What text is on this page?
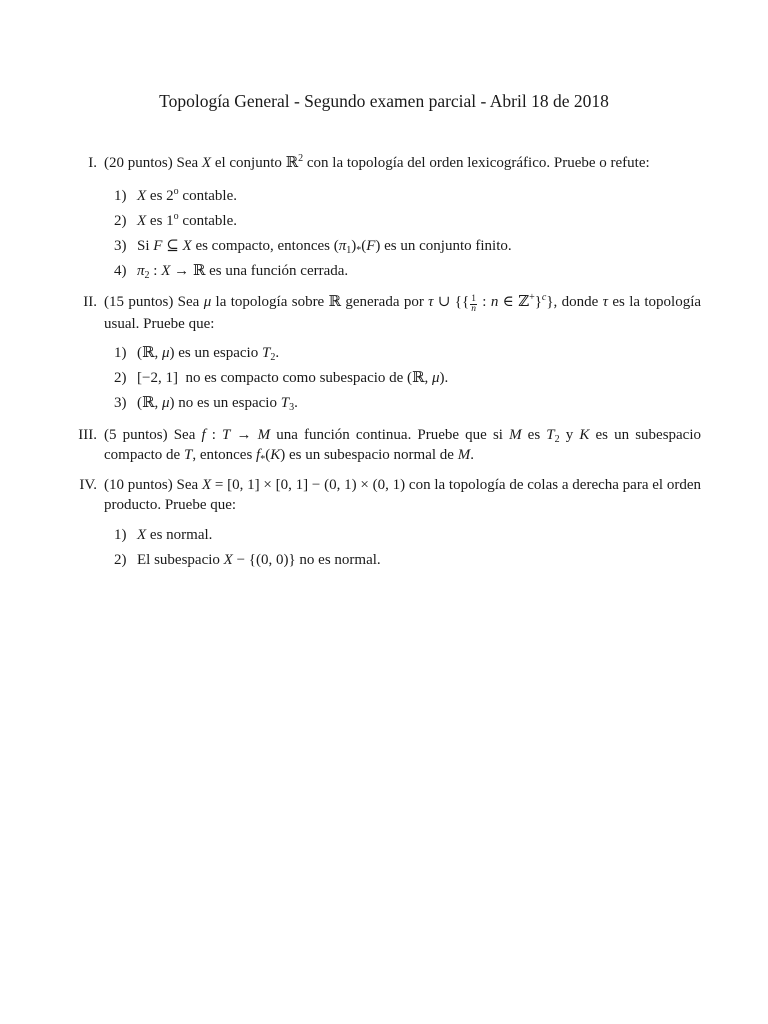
Topología General - Segundo examen parcial - Abril 18 de 2018
I. (20 puntos) Sea X el conjunto ℝ$^2$ con la topología del orden lexicográfico. Pruebe o refute:
1) X es 2$^o$ contable.
2) X es 1$^o$ contable.
3) Si F ⊆ X es compacto, entonces $(\pi_1)_*(F)$ es un conjunto finito.
4) $\pi_2$ : X → ℝ es una función cerrada.
II. (15 puntos) Sea μ la topología sobre ℝ generada por τ ∪ {{ $\frac{1}{n}$ : n ∈ ℤ+}$^c$}, donde τ es la topología usual. Pruebe que:
1) (ℝ, μ) es un espacio $T_2$.
2) [−2, 1]  no es compacto como subespacio de (ℝ, μ).
3) (ℝ, μ) no es un espacio $T_3$.
III. (5 puntos) Sea f : T → M una función continua. Pruebe que si M es $T_2$ y K es un subespacio compacto de T, entonces $f_*(K)$ es un subespacio normal de M.
IV. (10 puntos) Sea X = [0, 1] × [0, 1] − (0, 1) × (0, 1) con la topología de colas a derecha para el orden producto. Pruebe que:
1) X es normal.
2) El subespacio X − {(0, 0)} no es normal.
